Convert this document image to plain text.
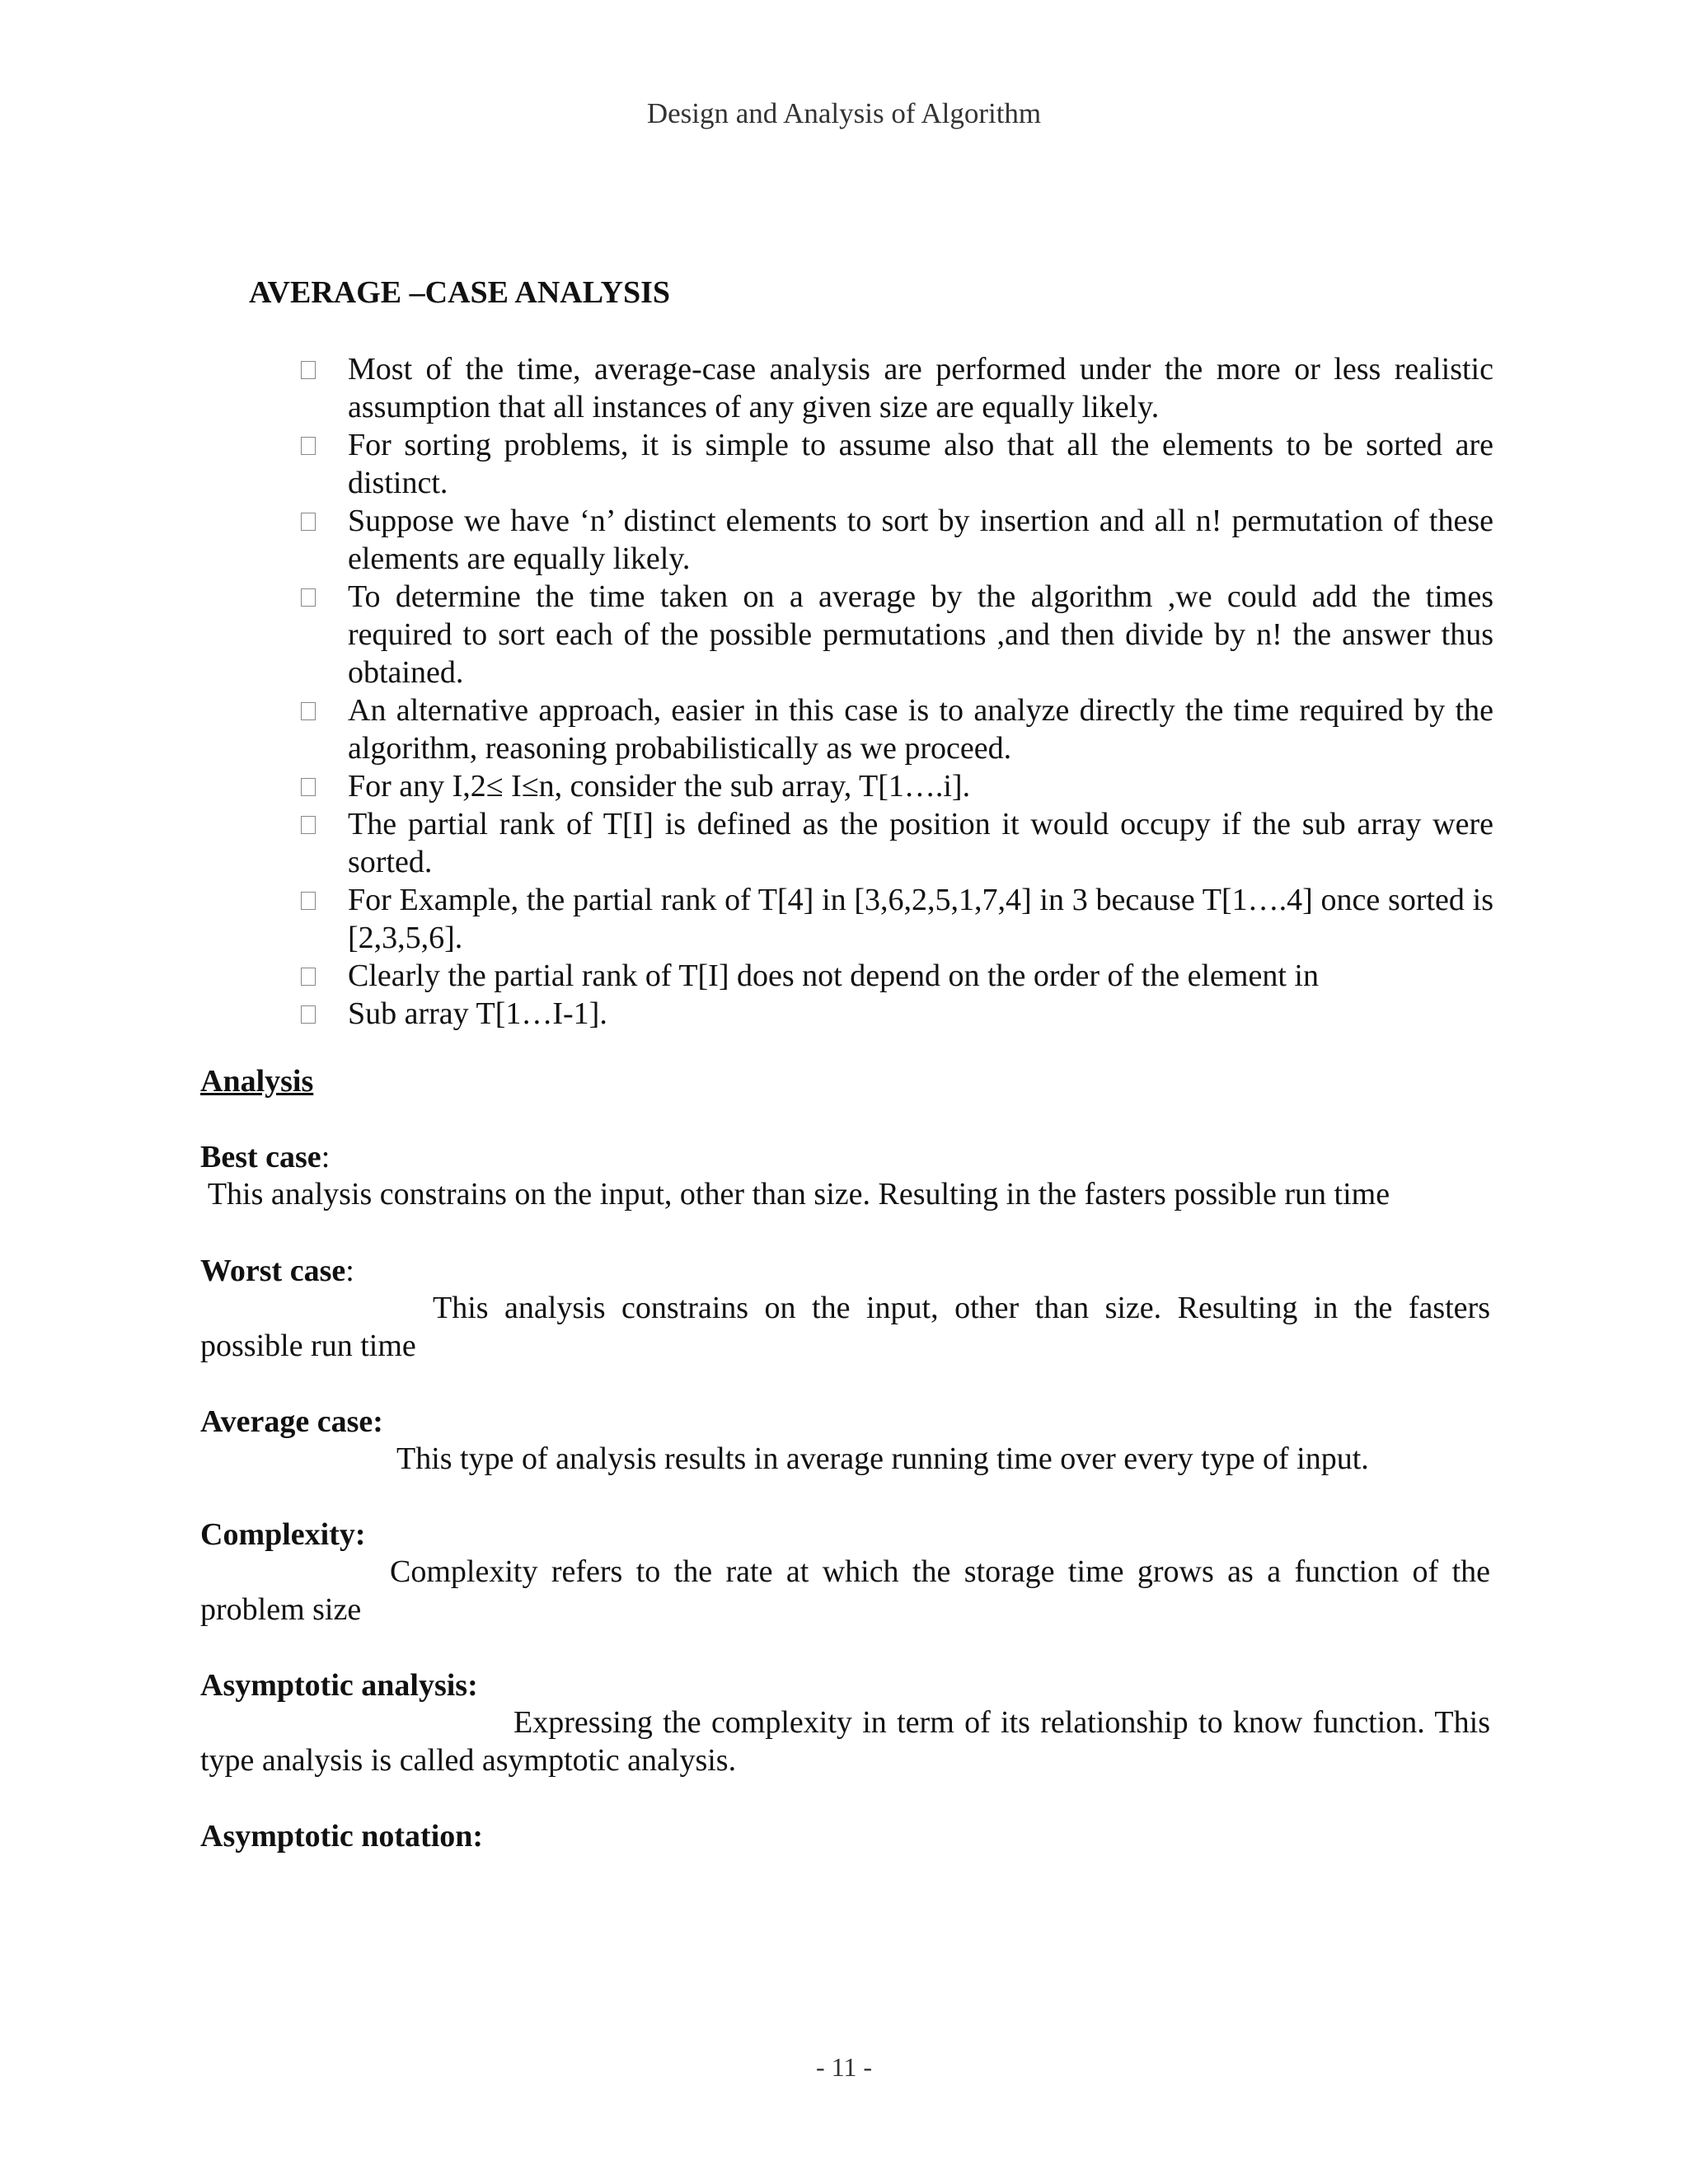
Design and Analysis of Algorithm
AVERAGE –CASE ANALYSIS
Most of the time, average-case analysis are performed under the more or less realistic assumption that all instances of any given size are equally likely.
For sorting problems, it is simple to assume also that all the elements to be sorted are distinct.
Suppose we have ‘n’ distinct elements to sort by insertion and all n! permutation of these elements are equally likely.
To determine the time taken on a average by the algorithm ,we could add the times required to sort each of the possible permutations ,and then divide by n! the answer thus obtained.
An alternative approach, easier in this case is to analyze directly the time required by the algorithm, reasoning probabilistically as we proceed.
For any I,2≤ I≤n, consider the sub array, T[1….i].
The partial rank of T[I] is defined as the position it would occupy if the sub array were sorted.
For Example, the partial rank of T[4] in [3,6,2,5,1,7,4] in 3 because T[1….4] once sorted is [2,3,5,6].
Clearly the partial rank of T[I] does not depend on the order of the element in
Sub array T[1…I-1].
Analysis
Best case:
This analysis constrains on the input, other than size. Resulting in the fasters possible run time
Worst case:
This analysis constrains on the input, other than size. Resulting in the fasters possible run time
Average case:
This type of analysis results in average running time over every type of input.
Complexity:
Complexity refers to the rate at which the storage time grows as a function of the problem size
Asymptotic analysis:
Expressing the complexity in term of its relationship to know function. This type analysis is called asymptotic analysis.
Asymptotic notation:
- 11 -
